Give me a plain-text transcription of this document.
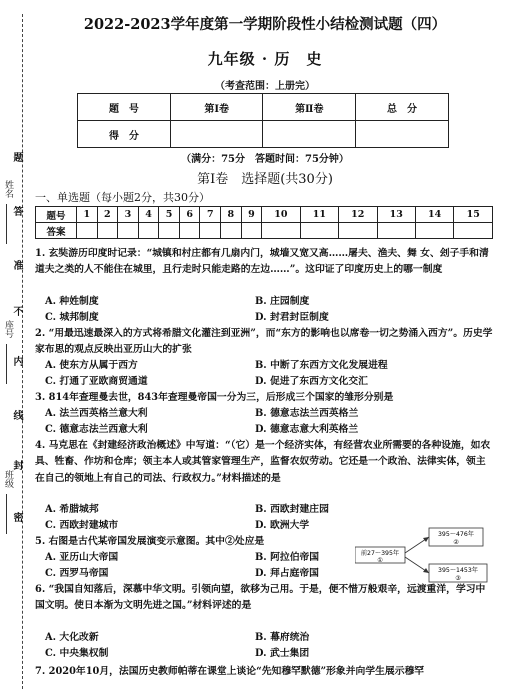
题
答
准
不
内
线
封
密
姓名
座号
班级
2022-2023学年度第一学期阶段性小结检测试题（四）
九年级 · 历　史
（考查范围：上册完）
题　号	第Ⅰ卷	第Ⅱ卷	总　分
得　分			
（满分：75分　答题时间：75分钟）
第Ⅰ卷　选择题(共30分)
一、单选题（每小题2分，共30分）
题号	1	2	3	4	5	6	7	8	9	10	11	12	13	14	15
答案															
1. 玄奘游历印度时记录：“城镇和村庄都有几扇内门，城墙又宽又高……屠夫、渔夫、舞 女、刽子手和清道夫之类的人不能住在城里，且行走时只能走路的左边……”。这印证了印度历史上的哪一制度
A. 种姓制度	B. 庄园制度
C. 城邦制度	D. 封君封臣制度
2. “用最迅速最深入的方式将希腊文化灌注到亚洲”，而“东方的影响也以席卷一切之势涌入西方”。历史学家布思的观点反映出亚历山大的扩张
A. 使东方从属于西方	B. 中断了东西方文化发展进程
C. 打通了亚欧商贸通道	D. 促进了东西方文化交汇
3. 814年查理曼去世，843年查理曼帝国一分为三，后形成三个国家的雏形分别是
A. 法兰西英格兰意大利	B. 德意志法兰西英格兰
C. 德意志法兰西意大利	D. 德意志意大利英格兰
4. 马克思在《封建经济政治概述》中写道：“（它）是一个经济实体，有经营农业所需要的各种设施，如农具、牲畜、作坊和仓库；领主本人或其管家管理生产，监督农奴劳动。它还是一个政治、法律实体，领主在自己的领地上有自己的司法、行政权力。”材料描述的是
A. 希腊城邦	B. 西欧封建庄园
C. 西欧封建城市	D. 欧洲大学
5. 右图是古代某帝国发展演变示意图。其中②处应是
A. 亚历山大帝国	B. 阿拉伯帝国
C. 西罗马帝国	D. 拜占庭帝国
前27～395年
①
395～476年
②
395～1453年
③
6. “我国自知落后，深慕中华文明。引领向望，欲移为己用。于是，便不惜万般艰辛，远渡重洋，学习中国文明。使日本渐为文明先进之国。”材料评述的是
A. 大化改新	B. 幕府统治
C. 中央集权制	D. 武士集团
7. 2020年10月，法国历史教师帕蒂在课堂上谈论“先知穆罕默德”形象并向学生展示穆罕
